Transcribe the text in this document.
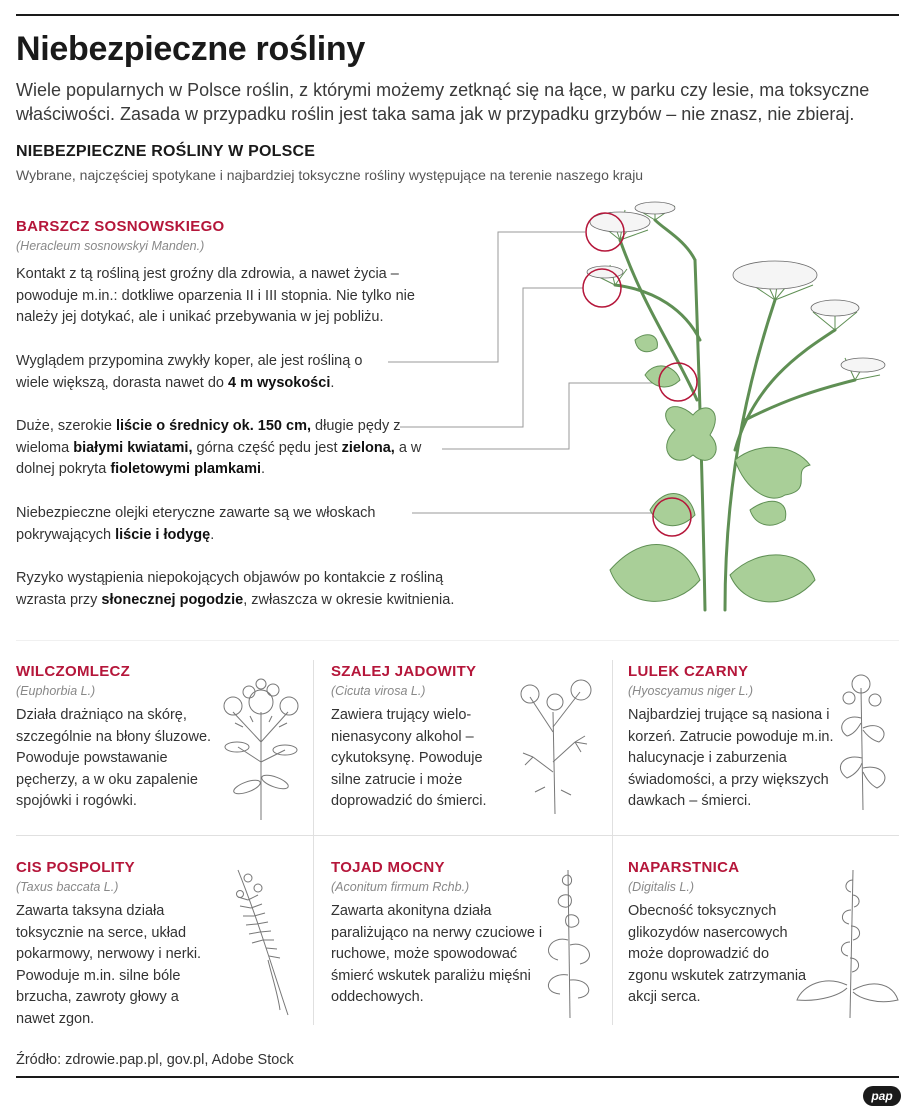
Niebezpieczne rośliny

Wiele popularnych w Polsce roślin, z którymi możemy zetknąć się na łące, w parku czy lesie, ma toksyczne właściwości. Zasada w przypadku roślin jest taka sama jak w przypadku grzybów – nie znasz, nie zbieraj.

NIEBEZPIECZNE ROŚLINY W POLSCE

Wybrane, najczęściej spotykane i najbardziej toksyczne rośliny występujące na terenie naszego kraju

BARSZCZ SOSNOWSKIEGO

(Heracleum sosnowskyi Manden.)

Kontakt z tą rośliną jest groźny dla zdrowia, a nawet życia – powoduje m.in.: dotkliwe oparzenia II i III stopnia. Nie tylko nie należy jej dotykać, ale i unikać przebywania w jej pobliżu.

Wyglądem przypomina zwykły koper, ale jest rośliną o wiele większą, dorasta nawet do 4 m wysokości.

Duże, szerokie liście o średnicy ok. 150 cm, długie pędy z wieloma białymi kwiatami, górna część pędu jest zielona, a w dolnej pokryta fioletowymi plamkami.

Niebezpieczne olejki eteryczne zawarte są we włoskach pokrywających liście i łodygę.

Ryzyko wystąpienia niepokojących objawów po kontakcie z rośliną wzrasta przy słonecznej pogodzie, zwłaszcza w okresie kwitnienia.

WILCZOMLECZ

(Euphorbia L.)

Działa drażniąco na skórę, szczególnie na błony śluzowe. Powoduje powstawanie pęcherzy, a w oku zapalenie spojówki i rogówki.

SZALEJ JADOWITY

(Cicuta virosa L.)

Zawiera trujący wielo-nienasycony alkohol – cykutoksynę. Powoduje silne zatrucie i może doprowadzić do śmierci.

LULEK CZARNY

(Hyoscyamus niger L.)

Najbardziej trujące są nasiona i korzeń. Zatrucie powoduje m.in. halucynacje i zaburzenia świadomości, a przy większych dawkach – śmierci.

CIS POSPOLITY

(Taxus baccata L.)

Zawarta taksyna działa toksycznie na serce, układ pokarmowy, nerwowy i nerki. Powoduje m.in. silne bóle brzucha, zawroty głowy a nawet zgon.

TOJAD MOCNY

(Aconitum firmum Rchb.)

Zawarta akonityna działa paraliżująco na nerwy czuciowe i ruchowe, może spowodować śmierć wskutek paraliżu mięśni oddechowych.

NAPARSTNICA

(Digitalis L.)

Obecność toksycznych glikozydów nasercowych może doprowadzić do zgonu wskutek zatrzymania akcji serca.

Źródło: zdrowie.pap.pl, gov.pl, Adobe Stock

pap
